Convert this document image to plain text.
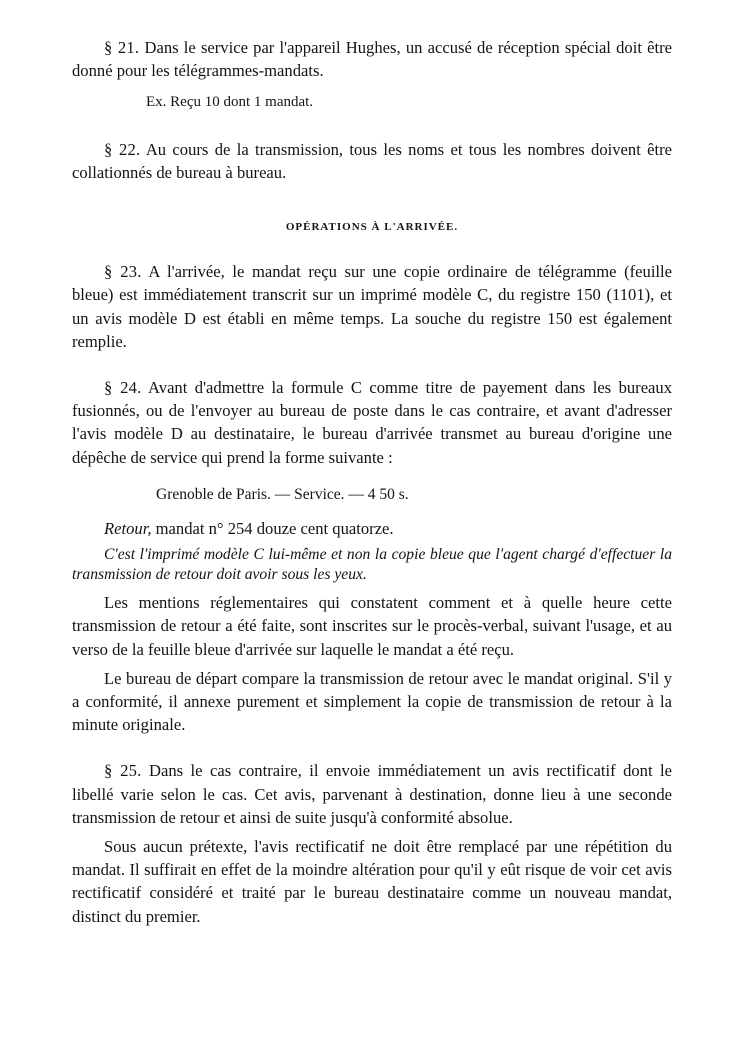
§ 21. Dans le service par l'appareil Hughes, un accusé de réception spécial doit être donné pour les télégrammes-mandats.

Ex. Reçu 10 dont 1 mandat.

§ 22. Au cours de la transmission, tous les noms et tous les nombres doivent être collationnés de bureau à bureau.

OPÉRATIONS À L'ARRIVÉE.

§ 23. A l'arrivée, le mandat reçu sur une copie ordinaire de télégramme (feuille bleue) est immédiatement transcrit sur un imprimé modèle C, du registre 150 (1101), et un avis modèle D est établi en même temps. La souche du registre 150 est également remplie.

§ 24. Avant d'admettre la formule C comme titre de payement dans les bureaux fusionnés, ou de l'envoyer au bureau de poste dans le cas contraire, et avant d'adresser l'avis modèle D au destinataire, le bureau d'arrivée transmet au bureau d'origine une dépêche de service qui prend la forme suivante :

Grenoble de Paris. — Service. — 4 50 s.

Retour, mandat n° 254 douze cent quatorze.

C'est l'imprimé modèle C lui-même et non la copie bleue que l'agent chargé d'effectuer la transmission de retour doit avoir sous les yeux.

Les mentions réglementaires qui constatent comment et à quelle heure cette transmission de retour a été faite, sont inscrites sur le procès-verbal, suivant l'usage, et au verso de la feuille bleue d'arrivée sur laquelle le mandat a été reçu.

Le bureau de départ compare la transmission de retour avec le mandat original. S'il y a conformité, il annexe purement et simplement la copie de transmission de retour à la minute originale.

§ 25. Dans le cas contraire, il envoie immédiatement un avis rectificatif dont le libellé varie selon le cas. Cet avis, parvenant à destination, donne lieu à une seconde transmission de retour et ainsi de suite jusqu'à conformité absolue.

Sous aucun prétexte, l'avis rectificatif ne doit être remplacé par une répétition du mandat. Il suffirait en effet de la moindre altération pour qu'il y eût risque de voir cet avis rectificatif considéré et traité par le bureau destinataire comme un nouveau mandat, distinct du premier.
